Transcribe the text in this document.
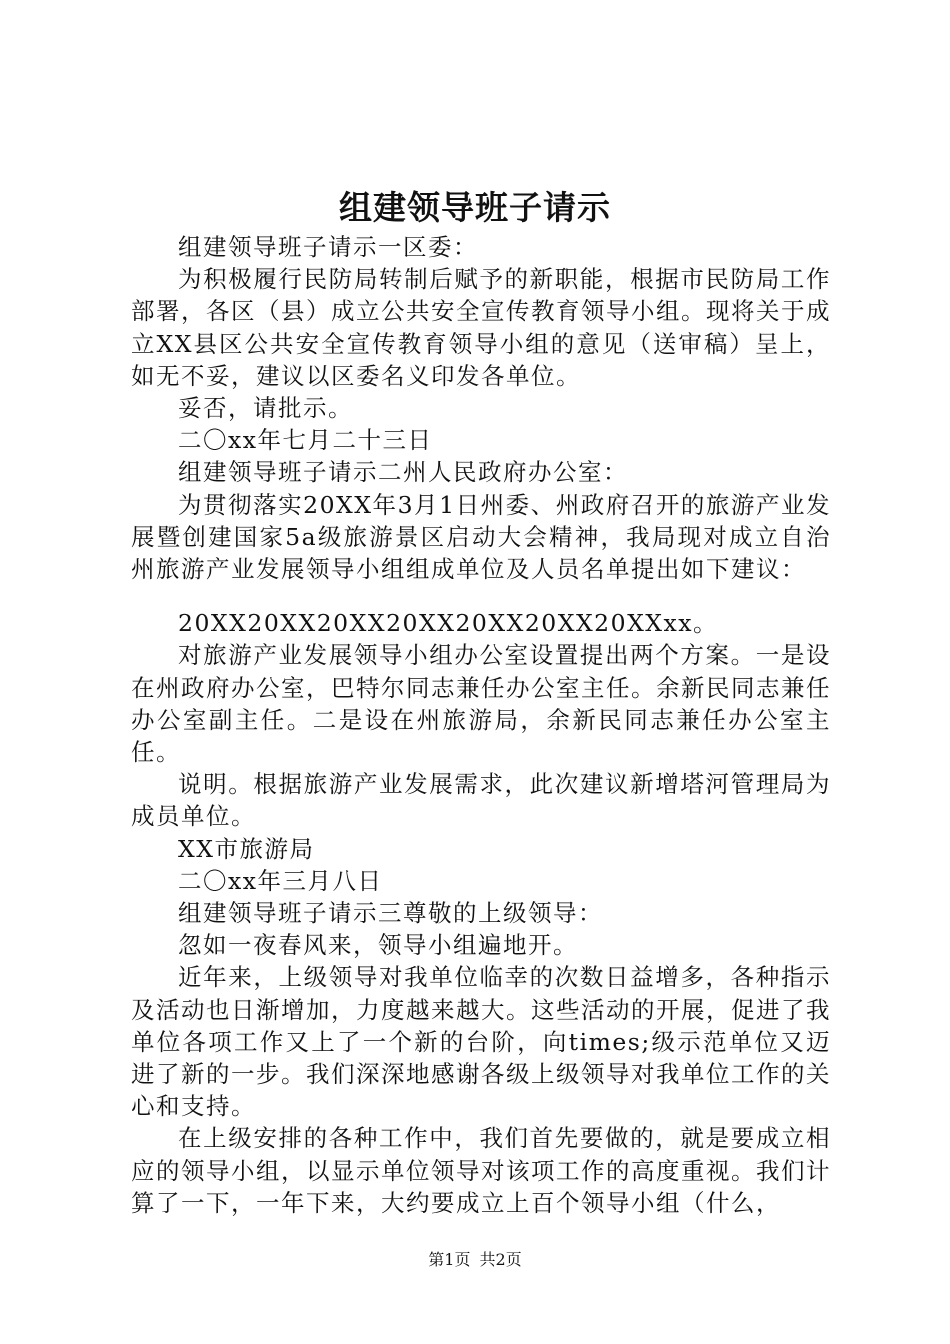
组建领导班子请示

组建领导班子请示一区委：

为积极履行民防局转制后赋予的新职能，根据市民防局工作部署，各区（县）成立公共安全宣传教育领导小组。现将关于成立XX县区公共安全宣传教育领导小组的意见（送审稿）呈上，如无不妥，建议以区委名义印发各单位。

妥否，请批示。

二〇xx年七月二十三日

组建领导班子请示二州人民政府办公室：

为贯彻落实20XX年3月1日州委、州政府召开的旅游产业发展暨创建国家5a级旅游景区启动大会精神，我局现对成立自治州旅游产业发展领导小组组成单位及人员名单提出如下建议：

20XX20XX20XX20XX20XX20XX20XXxx。

对旅游产业发展领导小组办公室设置提出两个方案。一是设在州政府办公室，巴特尔同志兼任办公室主任。余新民同志兼任办公室副主任。二是设在州旅游局，余新民同志兼任办公室主任。

说明。根据旅游产业发展需求，此次建议新增塔河管理局为成员单位。

XX市旅游局

二〇xx年三月八日

组建领导班子请示三尊敬的上级领导：

忽如一夜春风来，领导小组遍地开。

近年来，上级领导对我单位临幸的次数日益增多，各种指示及活动也日渐增加，力度越来越大。这些活动的开展，促进了我单位各项工作又上了一个新的台阶，向times;级示范单位又迈进了新的一步。我们深深地感谢各级上级领导对我单位工作的关心和支持。

在上级安排的各种工作中，我们首先要做的，就是要成立相应的领导小组，以显示单位领导对该项工作的高度重视。我们计算了一下，一年下来，大约要成立上百个领导小组（什么，

第1页 共2页
